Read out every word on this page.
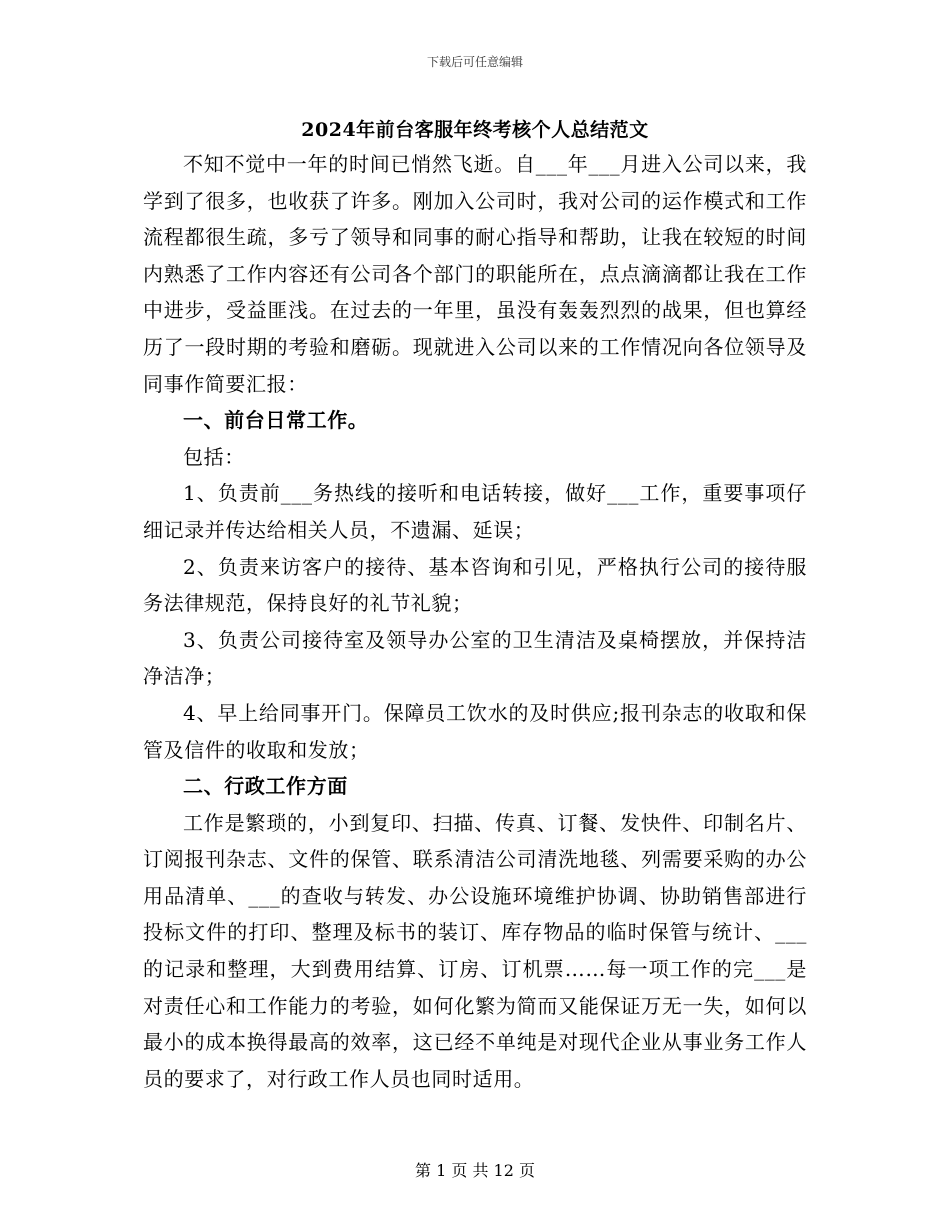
下载后可任意编辑
2024年前台客服年终考核个人总结范文

不知不觉中一年的时间已悄然飞逝。自___年___月进入公司以来，我学到了很多，也收获了许多。刚加入公司时，我对公司的运作模式和工作流程都很生疏，多亏了领导和同事的耐心指导和帮助，让我在较短的时间内熟悉了工作内容还有公司各个部门的职能所在，点点滴滴都让我在工作中进步，受益匪浅。在过去的一年里，虽没有轰轰烈烈的战果，但也算经历了一段时期的考验和磨砺。现就进入公司以来的工作情况向各位领导及同事作简要汇报：

一、前台日常工作。

包括：

1、负责前___务热线的接听和电话转接，做好___工作，重要事项仔细记录并传达给相关人员，不遗漏、延误；

2、负责来访客户的接待、基本咨询和引见，严格执行公司的接待服务法律规范，保持良好的礼节礼貌；

3、负责公司接待室及领导办公室的卫生清洁及桌椅摆放，并保持洁净洁净；

4、早上给同事开门。保障员工饮水的及时供应;报刊杂志的收取和保管及信件的收取和发放；

二、行政工作方面

工作是繁琐的，小到复印、扫描、传真、订餐、发快件、印制名片、订阅报刊杂志、文件的保管、联系清洁公司清洗地毯、列需要采购的办公用品清单、___的查收与转发、办公设施环境维护协调、协助销售部进行投标文件的打印、整理及标书的装订、库存物品的临时保管与统计、___的记录和整理，大到费用结算、订房、订机票……每一项工作的完___是对责任心和工作能力的考验，如何化繁为简而又能保证万无一失，如何以最小的成本换得最高的效率，这已经不单纯是对现代企业从事业务工作人员的要求了，对行政工作人员也同时适用。

第 1 页 共 12 页
